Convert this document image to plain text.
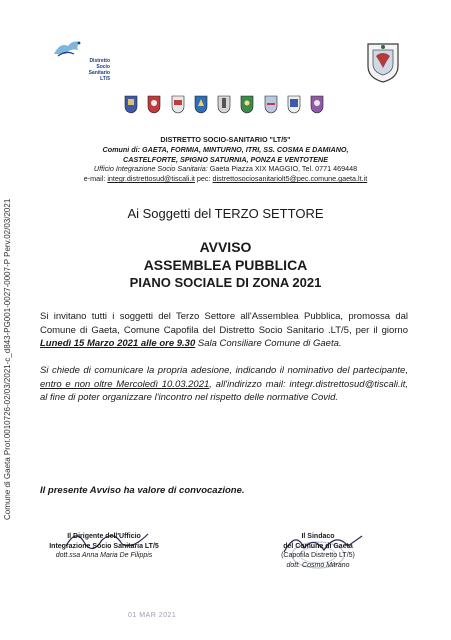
Comune di Gaeta Prot.0010726-02/03/2021-c_d843-PG001-0027-0007-P Perv.02/03/2021
Distretto
Socio Sanitario
LT/5
DISTRETTO SOCIO-SANITARIO "LT/5"
Comuni di: GAETA, FORMIA, MINTURNO, ITRI, SS. COSMA E DAMIANO,
CASTELFORTE, SPIGNO SATURNIA, PONZA E VENTOTENE
Ufficio Integrazione Socio Sanitaria: Gaeta Piazza XIX MAGGIO, Tel. 0771 469448
e-mail: integr.distrettosud@tiscali.it pec: distrettosociosanitariolt5@pec.comune.gaeta.lt.it
Ai Soggetti del TERZO SETTORE
AVVISO
ASSEMBLEA PUBBLICA
PIANO SOCIALE DI ZONA 2021
Si invitano tutti i soggetti del Terzo Settore all'Assemblea Pubblica, promossa dal Comune di Gaeta, Comune Capofila del Distretto Socio Sanitario .LT/5, per il giorno Lunedì 15 Marzo 2021 alle ore 9.30 Sala Consiliare Comune di Gaeta.
Si chiede di comunicare la propria adesione, indicando il nominativo del partecipante, entro e non oltre Mercoledì 10.03.2021, all'indirizzo mail: integr.distrettosud@tiscali.it, al fine di poter organizzare l'incontro nel rispetto delle normative Covid.
Il presente Avviso ha valore di convocazione.
Il Dirigente dell'Ufficio
Integrazione Socio Sanitaria LT/5
dott.ssa Anna Maria De Filippis
Il Sindaco
del Comune di Gaeta
(Capofila Distretto LT/5)
dott. Cosmo Mitrano
01 MAR 2021
